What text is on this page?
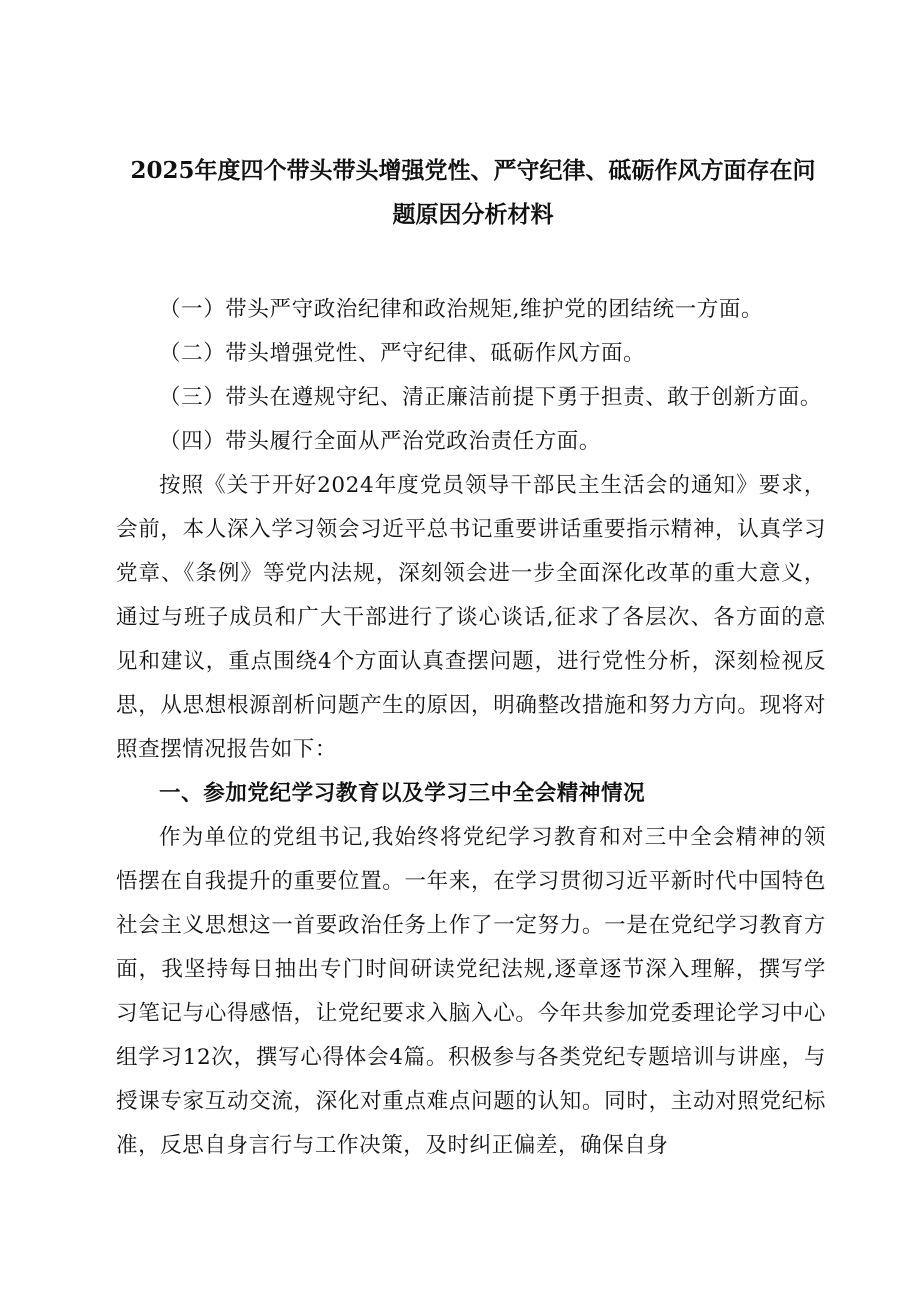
2025年度四个带头带头增强党性、严守纪律、砥砺作风方面存在问
题原因分析材料

（一）带头严守政治纪律和政治规矩,维护党的团结统一方面。

（二）带头增强党性、严守纪律、砥砺作风方面。

（三）带头在遵规守纪、清正廉洁前提下勇于担责、敢于创新方面。

（四）带头履行全面从严治党政治责任方面。

按照《关于开好2024年度党员领导干部民主生活会的通知》要求，会前，本人深入学习领会习近平总书记重要讲话重要指示精神，认真学习党章、《条例》等党内法规，深刻领会进一步全面深化改革的重大意义，通过与班子成员和广大干部进行了谈心谈话,征求了各层次、各方面的意见和建议，重点围绕4个方面认真查摆问题，进行党性分析，深刻检视反思，从思想根源剖析问题产生的原因，明确整改措施和努力方向。现将对照查摆情况报告如下：

一、参加党纪学习教育以及学习三中全会精神情况

作为单位的党组书记,我始终将党纪学习教育和对三中全会精神的领悟摆在自我提升的重要位置。一年来，在学习贯彻习近平新时代中国特色社会主义思想这一首要政治任务上作了一定努力。一是在党纪学习教育方面，我坚持每日抽出专门时间研读党纪法规,逐章逐节深入理解，撰写学习笔记与心得感悟，让党纪要求入脑入心。今年共参加党委理论学习中心组学习12次，撰写心得体会4篇。积极参与各类党纪专题培训与讲座，与授课专家互动交流，深化对重点难点问题的认知。同时，主动对照党纪标准，反思自身言行与工作决策，及时纠正偏差，确保自身
